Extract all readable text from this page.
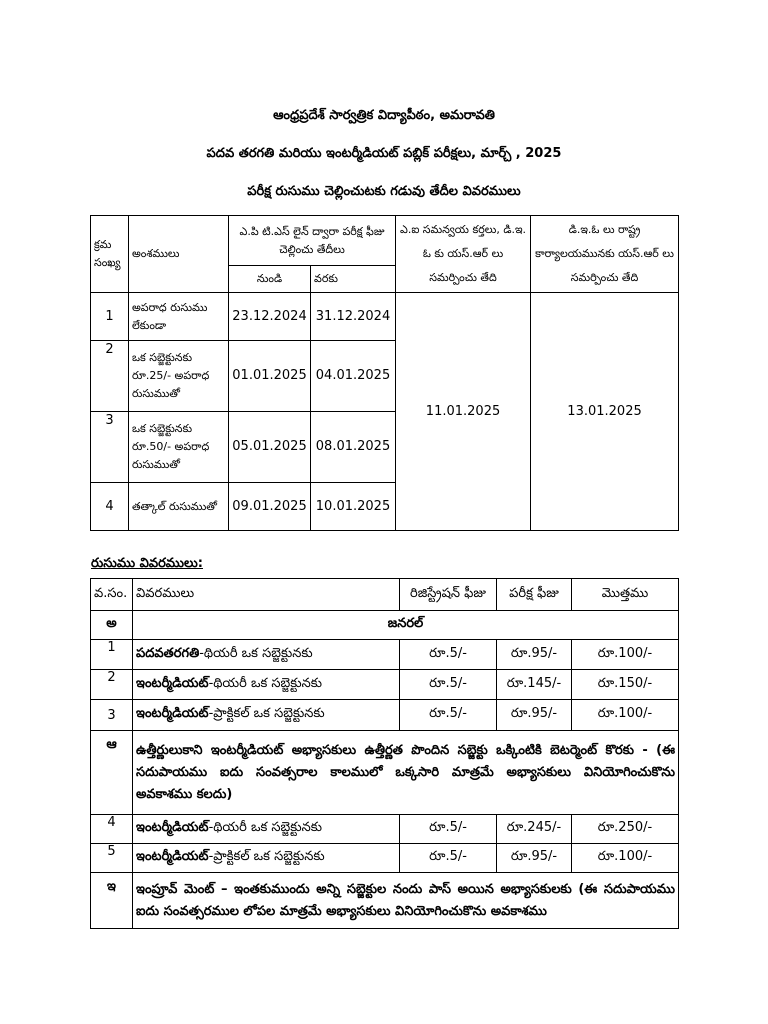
ఆంధ్రప్రదేశ్ సార్వత్రిక విద్యాపీఠం, అమరావతి
పదవ తరగతి మరియు ఇంటర్మీడియట్ పబ్లిక్ పరీక్షలు, మార్చ్ , 2025
పరీక్ష రుసుము చెల్లించుటకు గడువు తేదీల వివరములు
క్రమ సంఖ్య	అంశములు	ఎ.పి టి.ఎస్ లైన్ ద్వారా పరీక్ష ఫీజు చెల్లించు తేదీలు		ఎ.ఐ సమన్వయ కర్తలు, డి.ఇ. ఓ కు యస్.ఆర్ లు సమర్పించు తేది	డి.ఇ.ఓ లు రాష్ట్ర కార్యాలయమునకు యస్.ఆర్ లు సమర్పించు తేది
		నుండి	వరకు		
1	అపరాధ రుసుము లేకుండా	23.12.2024	31.12.2024	11.01.2025	13.01.2025
2	ఒక సబ్జెక్టునకు రూ.25/- అపరాధ రుసుముతో	01.01.2025	04.01.2025		
3	ఒక సబ్జెక్టునకు రూ.50/- అపరాధ రుసుముతో	05.01.2025	08.01.2025		
4	తత్కాల్ రుసుముతో	09.01.2025	10.01.2025		
రుసుము వివరములు:
వ.సం.	వివరములు	రిజిస్ట్రేషన్ ఫీజు	పరీక్ష ఫీజు	మొత్తము
అ	జనరల్			
1	పదవతరగతి-థియరీ ఒక సబ్జెక్టునకు	రూ.5/-	రూ.95/-	రూ.100/-
2	ఇంటర్మీడియట్-థియరీ ఒక సబ్జెక్టునకు	రూ.5/-	రూ.145/-	రూ.150/-
3	ఇంటర్మీడియట్-ప్రాక్టికల్ ఒక సబ్జెక్టునకు	రూ.5/-	రూ.95/-	రూ.100/-
ఆ	ఉత్తీర్ణులుకాని ఇంటర్మీడియట్ అభ్యాసకులు ఉత్తీర్ణత పొందిన సబ్జెక్టు ఒక్కింటికి బెటర్మెంట్ కొరకు - (ఈ సదుపాయము ఐదు సంవత్సరాల కాలములో ఒక్కసారి మాత్రమే అభ్యాసకులు వినియోగించుకొను అవకాశము కలదు)			
4	ఇంటర్మీడియట్-థియరీ ఒక సబ్జెక్టునకు	రూ.5/-	రూ.245/-	రూ.250/-
5	ఇంటర్మీడియట్-ప్రాక్టికల్ ఒక సబ్జెక్టునకు	రూ.5/-	రూ.95/-	రూ.100/-
ఇ	ఇంప్రూవ్ మెంట్ – ఇంతకుముందు అన్ని సబ్జెక్టుల నందు పాస్ అయిన అభ్యాసకులకు (ఈ సదుపాయము ఐదు సంవత్సరముల లోపల మాత్రమే అభ్యాసకులు వినియోగించుకొను అవకాశము			
